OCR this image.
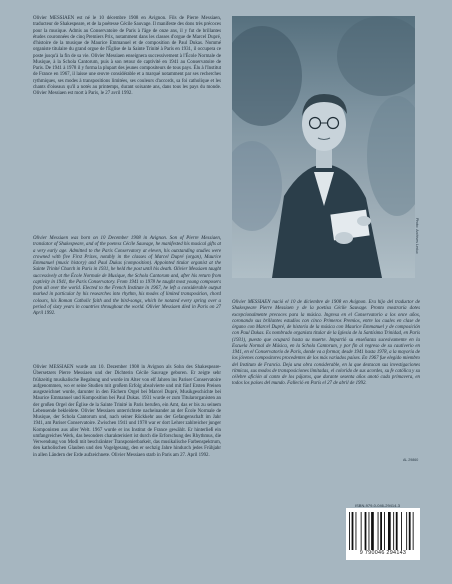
Olivier MESSIAEN est né le 10 décembre 1908 en Avignon. Fils de Pierre Messiaen, traducteur de Shakespeare, et de la poétesse Cécile Sauvage. Il manifeste des dons très précoces pour la musique. Admis au Conservatoire de Paris à l'âge de onze ans, il y fut de brillantes études couronnées de cinq Premiers Prix, notamment dans les classes d'orgue de Marcel Dupré, d'histoire de la musique de Maurice Emmanuel et de composition de Paul Dukas. Nommé organiste titulaire du grand orgue de l'Église de la Sainte Trinité à Paris en 1931, il occupera ce poste jusqu'à la fin de sa vie. Olivier Messiaen enseignera successivement à l'École Normale de Musique, à la Schola Cantorum, puis à son retour de captivité en 1941 au Conservatoire de Paris. De 1941 à 1978 il y forma la plupart des jeunes compositeurs de tous pays. Élu à l'Institut de France en 1967, il laisse une œuvre considérable et a marqué notamment par ses recherches rythmiques, ses modes à transpositions limitées, ses couleurs d'accords, sa foi catholique et les chants d'oiseaux qu'il a notés au printemps, durant soixante ans, dans tous les pays du monde. Olivier Messiaen est mort à Paris, le 27 avril 1992.

Olivier Messiaen was born on 10 December 1908 in Avignon. Son of Pierre Messiaen, translator of Shakespeare, and of the poetess Cécile Sauvage, he manifested his musical gifts at a very early age. Admitted to the Paris Conservatory at eleven, his outstanding studies were crowned with five First Prizes, notably in the classes of Marcel Dupré (organ), Maurice Emmanuel (music history) and Paul Dukas (composition). Appointed titular organist at the Sainte Trinité Church in Paris in 1931, he held the post until his death. Olivier Messiaen taught successively at the École Normale de Musique, the Schola Cantorum and, after his return from captivity in 1941, the Paris Conservatory. From 1941 to 1978 he taught most young composers from all over the world. Elected to the French Institute in 1967, he left a considerable output marked in particular by his researches into rhythm, his modes of limited transposition, chord colours, his Roman Catholic faith and the bird-songs, which he notated every spring over a period of sixty years in countries throughout the world. Olivier Messiaen died in Paris on 27 April 1992.

Olivier MESSIAEN wurde am 10. Dezember 1908 in Avignon als Sohn des Shakespeare-Übersetzers Pierre Messiaen und der Dichterin Cécile Sauvage geboren. Er zeigte sehr frühzeitig musikalische Begabung und wurde im Alter von elf Jahren ins Pariser Conservatoire aufgenommen, wo er seine Studien mit großem Erfolg absolvierte und mit fünf Ersten Preisen ausgezeichnet wurde, darunter in den Fächern Orgel bei Marcel Dupré, Musikgeschichte bei Maurice Emmanuel und Komposition bei Paul Dukas. 1931 wurde er zum Titularorganisten an der großen Orgel der Église de la Sainte Trinité in Paris berufen, ein Amt, das er bis zu seinem Lebensende bekleidete. Olivier Messiaen unterrichtete nacheinander an der École Normale de Musique, der Schola Cantorum und, nach seiner Rückkehr aus der Gefangenschaft im Jahr 1941, am Pariser Conservatoire. Zwischen 1941 und 1978 war er dort Lehrer zahlreicher junger Komponisten aus aller Welt. 1967 wurde er ins Institut de France gewählt. Er hinterließ ein umfangreiches Werk, das besonders charakterisiert ist durch die Erforschung des Rhythmus, die Verwendung von Modi mit beschränkter Transponierbarkeit, das musikalische Farbenspektrum, den katholischen Glauben und den Vogelgesang, den er sechzig Jahre hindurch jedes Frühjahr in allen Ländern der Erde aufzeichnete. Olivier Messiaen starb in Paris am 27. April 1992.

Olivier MESSIAEN nació el 10 de diciembre de 1908 en Avignon. Era hijo del traductor de Shakespeare Pierre Messiaen y de la poetisa Cécile Sauvage. Pronto mostraría dotes excepcionalmente precoces para la música. Ingresa en el Conservatorio a los once años, coronando sus brillantes estudios con cinco Primeros Premios, entre los cuales en clase de órgano con Marcel Dupré, de historia de la música con Maurice Emmanuel y de composición con Paul Dukas. Es nombrado organista titular de la Iglesia de la Santísima Trinidad, en París (1931), puesto que ocupará hasta su muerte. Impartió su enseñanza sucesivamente en la Escuela Normal de Música, en la Schola Cantorum, y por fin al regreso de su cautiverio en 1941, en el Conservatorio de París, donde va a formar, desde 1941 hasta 1978, a la mayoría de los jóvenes compositores procedentes de los más variados países. En 1967 fue elegido miembro del Instituto de Francia. Deja una obra considerable, en la que destacan sus investigaciones rítmicas, sus modos de transposiciones limitadas, el colorido de sus acordes, su fe católica y su célebre afición al canto de los pájaros, que durante sesenta años anotó cada primavera, en todos los países del mundo. Falleció en París el 27 de abril de 1992.

Photo: Archives Leduc
AL 29860
ISBN-979-0-046-29414-3
9 790046 294143
